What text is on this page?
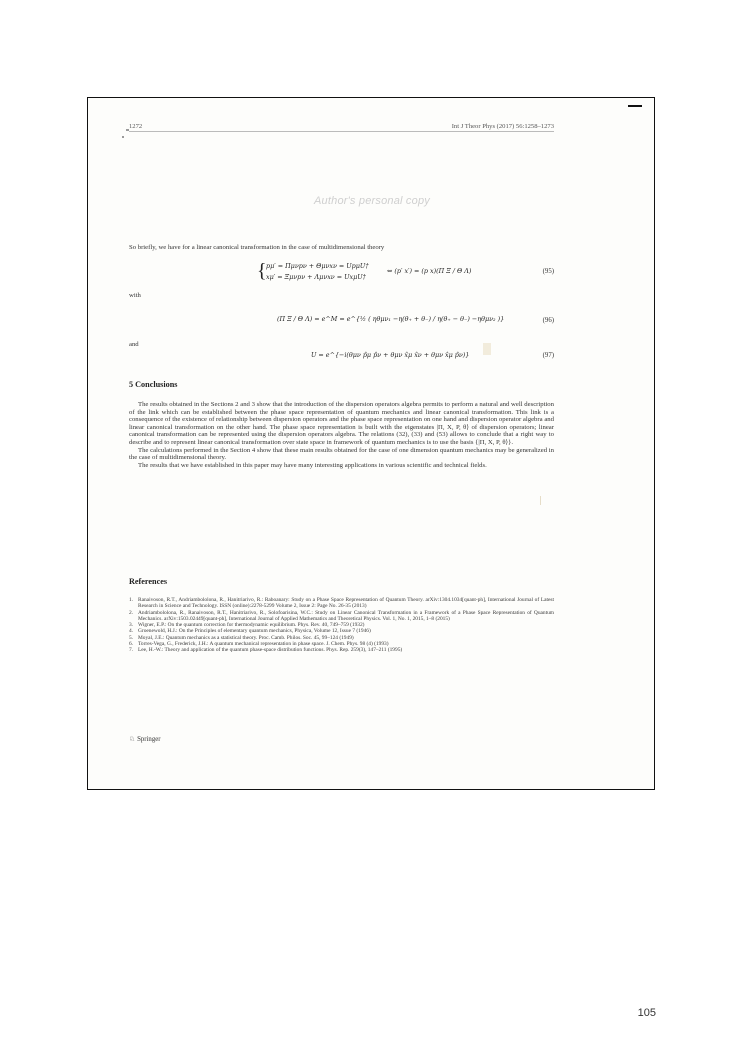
Author's personal copy
1272	Int J Theor Phys (2017) 56:1258–1273
So briefly, we have for a linear canonical transformation in the case of multidimensional theory
{ pμ′ = Πμνpν + Θμνxν = UpμU†
xμ′ = Ξμνpν + Λμνxν = UxμU†
⇔ (p′ x′) = (p x)(Π Ξ / Θ Λ)	(95)
with
(Π Ξ / Θ Λ) = e^M = e^{½ ( ηθμν₁ −η(θ₊ + θ₋) / η(θ₊ − θ₋) −ηθμν₂ )}	(96)
and
U = e^{−i(θμν p̂μ p̂ν + θμν x̂μ x̂ν + θμν x̂μ p̂ν)}	(97)
5 Conclusions

The results obtained in the Sections 2 and 3 show that the introduction of the dispersion operators algebra permits to perform a natural and well description of the link which can be established between the phase space representation of quantum mechanics and linear canonical transformation. This link is a consequence of the existence of relationship between dispersion operators and the phase space representation on one hand and dispersion operator algebra and linear canonical transformation on the other hand. The phase space representation is built with the eigenstates |Π, X, P, θ⟩ of dispersion operators; linear canonical transformation can be represented using the dispersion operators algebra. The relations (32), (33) and (53) allows to conclude that a right way to describe and to represent linear canonical transformation over state space in framework of quantum mechanics is to use the basis {|Π, X, P, θ⟩}.

The calculations performed in the Section 4 show that these main results obtained for the case of one dimension quantum mechanics may be generalized in the case of multidimensional theory.

The results that we have established in this paper may have many interesting applications in various scientific and technical fields.

References
1. Ranaivoson, R.T., Andriambololona, R., Hanitriarivo, R.: Raboanary: Study on a Phase Space Representation of Quantum Theory. arXiv:1304.1034[quant-ph], International Journal of Latest Research in Science and Technology. ISSN (online):2278-5299 Volume 2, Issue 2: Page No. 26-35 (2013)
2. Andriambololona, R., Ranaivoson, R.T., Hanitriarivo, R., Solofoarisina, W.C.: Study on Linear Canonical Transformation in a Framework of a Phase Space Representation of Quantum Mechanics. arXiv:1503.02449[quant-ph], International Journal of Applied Mathematics and Theoretical Physics. Vol. 1, No. 1, 2015, 1–8 (2015)
3. Wigner, E.P.: On the quantum correction for thermodynamic equilibrium. Phys. Rev. 40, 749–759 (1932)
4. Groenewold, H.J.: On the Principles of elementary quantum mechanics, Physica, Volume 12, Issue 7 (1946)
5. Moyal, J.E.: Quantum mechanics as a statistical theory. Proc. Camb. Philos. Soc. 45, 99–124 (1949)
6. Torres-Vega, G., Frederick, J.H.: A quantum mechanical representation in phase space. J. Chem. Phys. 98 (4) (1993)
7. Lee, H.-W.: Theory and application of the quantum phase-space distribution functions. Phys. Rep. 259(3), 147–211 (1995)
♘ Springer
105
